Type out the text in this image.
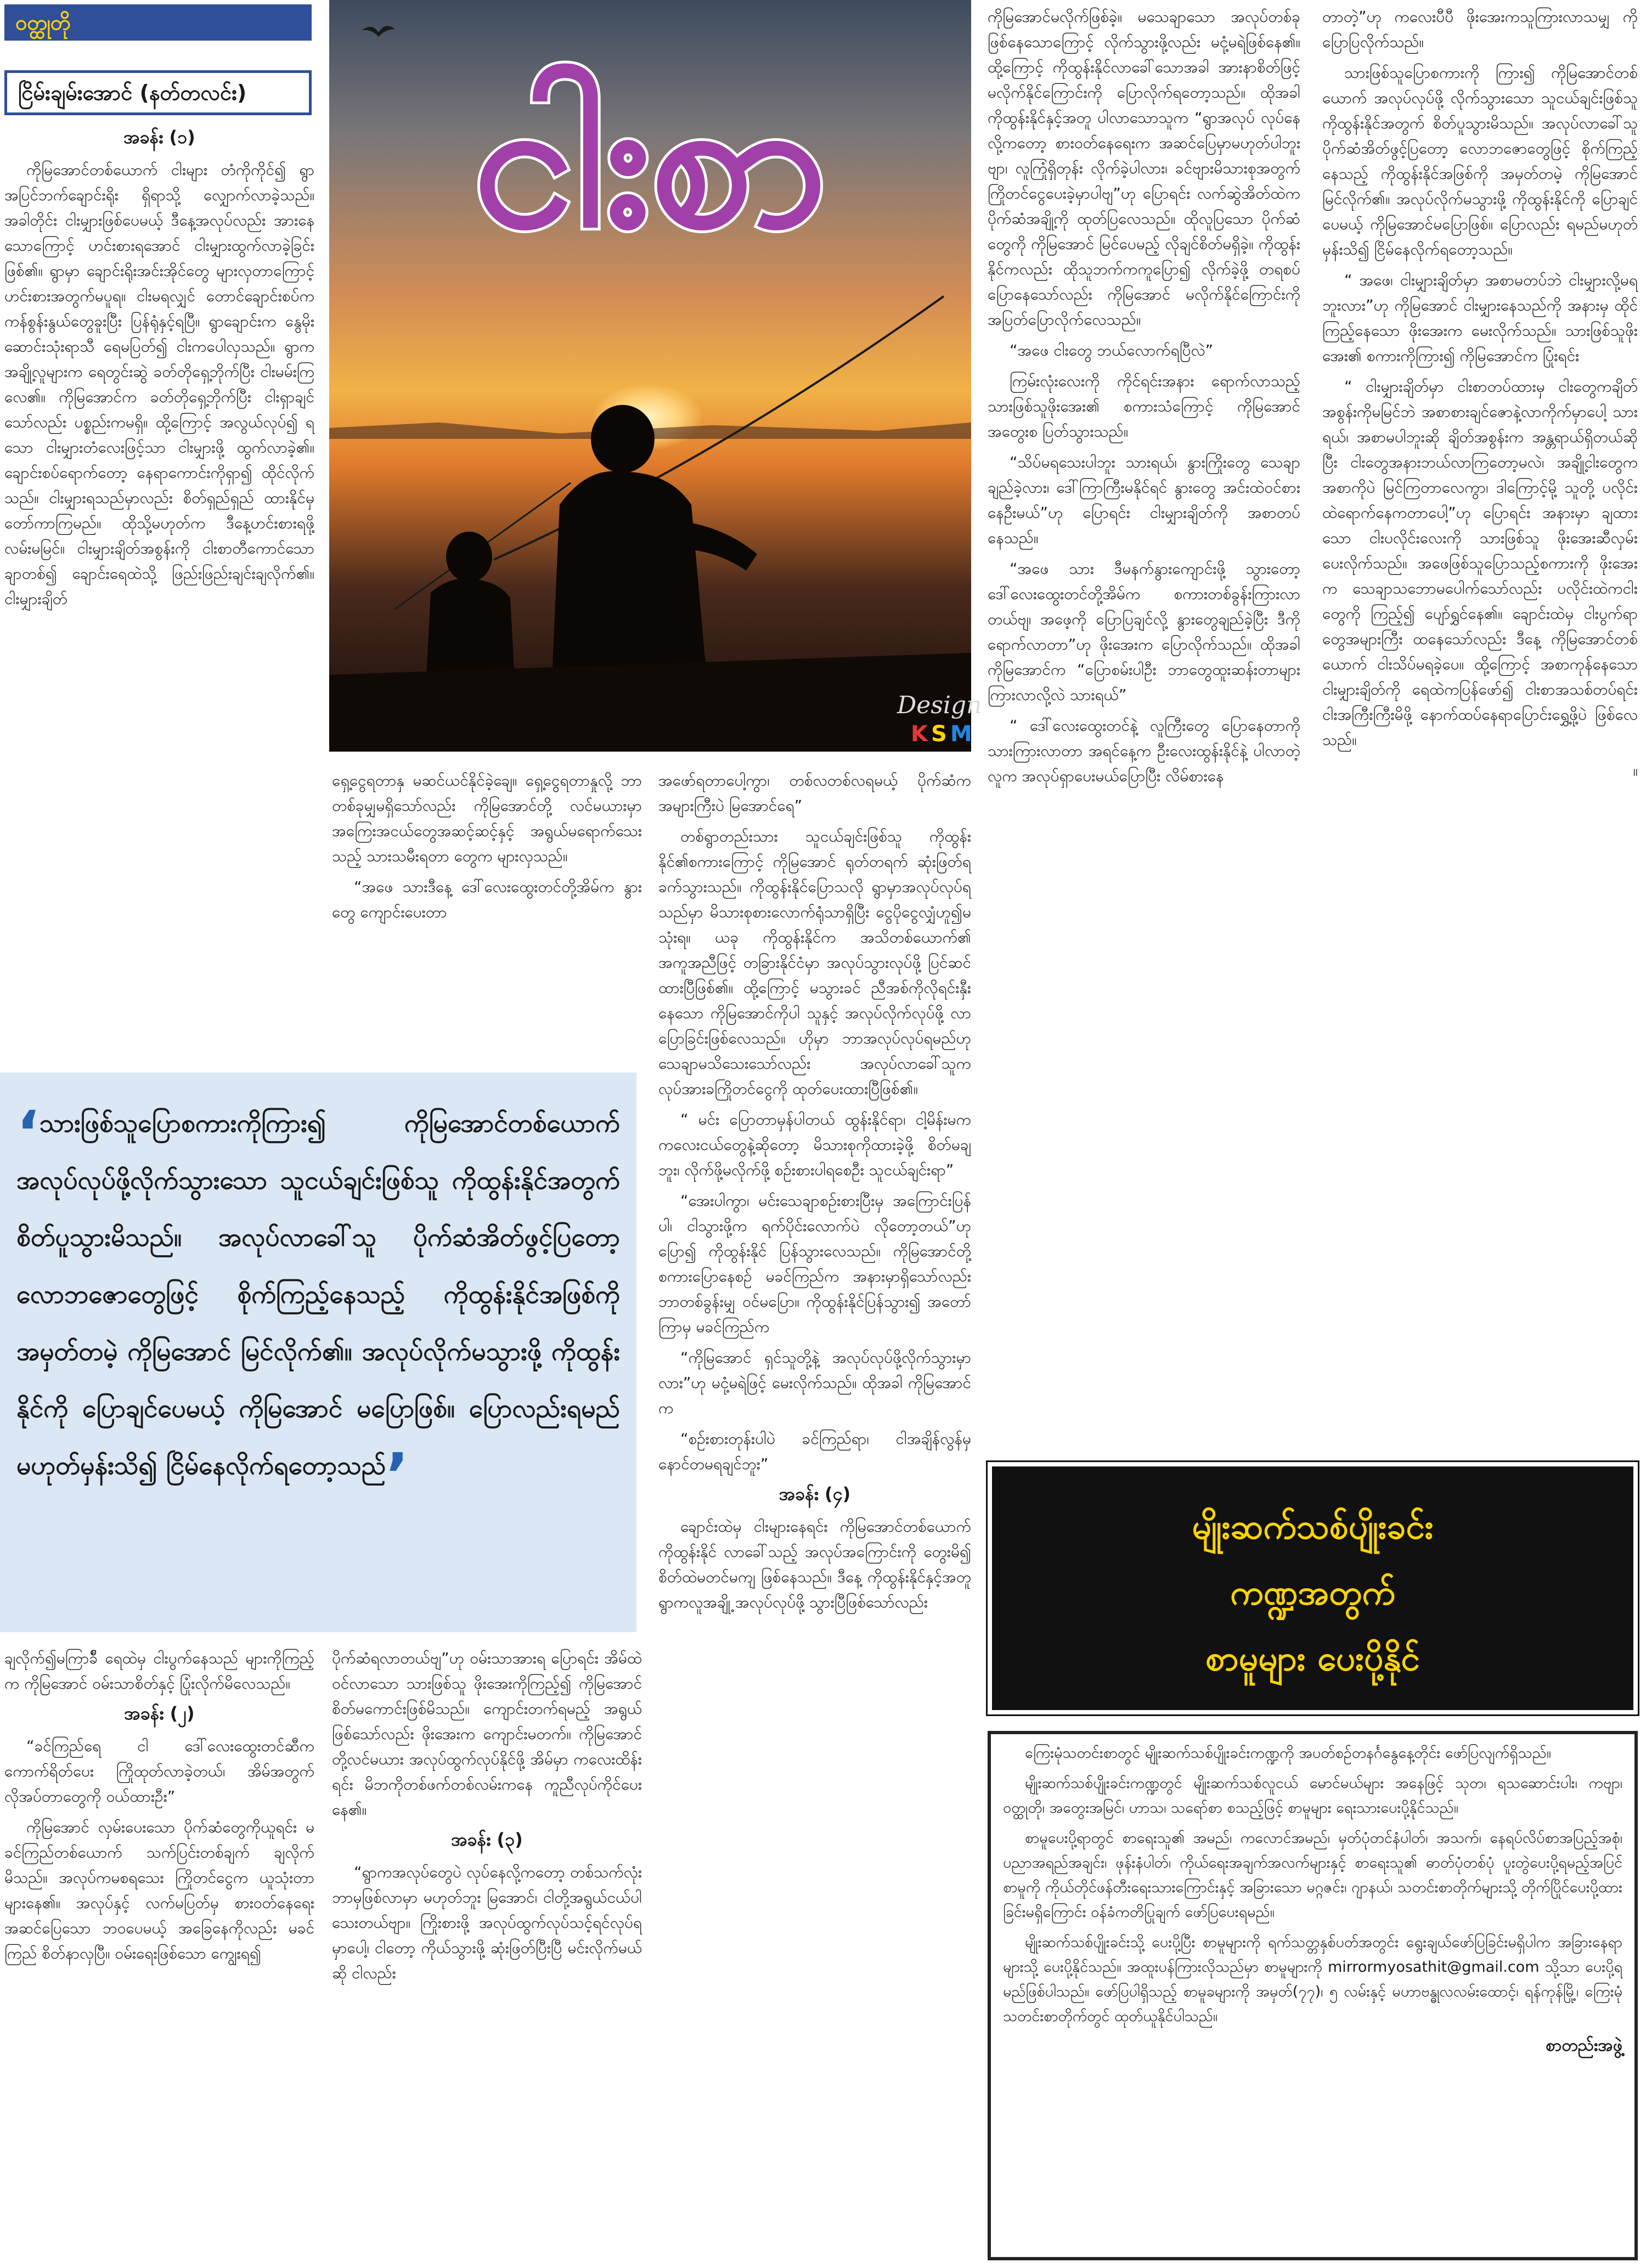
ဝတ္ထုတို
ငြိမ်းချမ်းအောင် (နတ်တလင်း)
အခန်း (၁)

ကိုမြအောင်တစ်ယောက် ငါးများ တံကိုကိုင်၍ ရွာအပြင်ဘက်ချောင်းရိုး ရှိရာသို့ လျှောက်လာခဲ့သည်။ အခါတိုင်း ငါးမျှားဖြစ်ပေမယ့် ဒီနေ့အလုပ်လည်း အားနေသောကြောင့် ဟင်းစားရအောင် ငါးမျှားထွက်လာခဲ့ခြင်းဖြစ်၏။ ရွာမှာ ချောင်းရိုးအင်းအိုင်တွေ များလှတာကြောင့် ဟင်းစားအတွက်မပူရ။ ငါးမရလျှင် တောင်ချောင်းစပ်က ကန်စွန်းနွယ်တွေခူးပြီး ပြန်ရုံနှင့်ရပြီ။ ရွာချောင်းက နွေမိုးဆောင်းသုံးရာသီ ရေမပြတ်၍ ငါးကပေါလှသည်။ ရွာကအချို့လူများက ရေတွင်းဆွဲ ခတ်တိုရှေ့ဘိုက်ပြီး ငါးမမ်းကြလေ၏။ ကိုမြအောင်က ခတ်တိုရှေ့ဘိုက်ပြီး ငါးရှာချင်သော်လည်း ပစ္စည်းကမရှိ။ ထို့ကြောင့် အလွယ်လုပ်၍ ရသော ငါးမျှားတံလေးဖြင့်သာ ငါးမျှားဖို့ ထွက်လာခဲ့၏။ ချောင်းစပ်ရောက်တော့ နေရာကောင်းကိုရှာ၍ ထိုင်လိုက်သည်။ ငါးမျှားရသည်မှာလည်း စိတ်ရှည်ရှည် ထားနိုင်မှ တော်ကာကြမည်။ ထိုသို့မဟုတ်က ဒီနေ့ဟင်းစားရဖို့ လမ်းမမြင်။ ငါးမျှားချိတ်အစွန်းကို ငါးစာတီကောင်သော ချာတစ်၍ ချောင်းရေထဲသို့ ဖြည်းဖြည်းချင်းချလိုက်၏။ ငါးမျှားချိတ်

ငါးစာ
Design
KSM

ရှေ့ငွေရတာနှ မဆင်ယင်နိုင်ခဲ့ချေ။ ရှေ့ငွေရတာနှုလို့ ဘာတစ်ခုမျှမရှိသော်လည်း ကိုမြအောင်တို့ လင်မယားမှာ အကြေးအငယ်တွေအဆင့်ဆင့်နှင့် အရွယ်မရောက်သေးသည့် သားသမီးရတာ တွေက များလှသည်။

“အဖေ သားဒီနေ့ ဒေါ်လေးထွေးတင်တို့အိမ်က နွားတွေ ကျောင်းပေးတာ

အဖော်ရတာပေါ့ကွာ၊ တစ်လတစ်လရမယ့် ပိုက်ဆံက အများကြီးပဲ မြအောင်ရေ”

တစ်ရွာတည်းသား သူငယ်ချင်းဖြစ်သူ ကိုထွန်းနိုင်၏စကားကြောင့် ကိုမြအောင် ရုတ်တရက် ဆုံးဖြတ်ရခက်သွားသည်။ ကိုထွန်းနိုင်ပြောသလို ရွာမှာအလုပ်လုပ်ရသည်မှာ မိသားစုစားလောက်ရုံသာရှိပြီး ငွေပိုငွေလျှံဟူ၍မသုံးရ။ ယခု ကိုထွန်းနိုင်က အသိတစ်ယောက်၏ အကူအညီဖြင့် တခြားနိုင်ငံမှာ အလုပ်သွားလုပ်ဖို့ ပြင်ဆင်ထားပြီဖြစ်၏။ ထို့ကြောင့် မသွားခင် ညီအစ်ကိုလိုရင်းနှီးနေသော ကိုမြအောင်ကိုပါ သူနှင့် အလုပ်လိုက်လုပ်ဖို့ လာပြောခြင်းဖြစ်လေသည်။ ဟိုမှာ ဘာအလုပ်လုပ်ရမည်ဟု သေချာမသိသေးသော်လည်း အလုပ်လာခေါ်သူက လုပ်အားခကြိုတင်ငွေကို ထုတ်ပေးထားပြီဖြစ်၏။

“ မင်း ပြောတာမှန်ပါတယ် ထွန်းနိုင်ရာ၊ ငါ့မိန်းမက ကလေးငယ်တွေနဲ့ဆိုတော့ မိသားစုကိုထားခဲ့ဖို့ စိတ်မချဘူး၊ လိုက်ဖို့မလိုက်ဖို့ စဉ်းစားပါရစေဦး သူငယ်ချင်းရာ”

“အေးပါကွာ၊ မင်းသေချာစဉ်းစားပြီးမှ အကြောင်းပြန်ပါ၊ ငါသွားဖို့က ရက်ပိုင်းလောက်ပဲ လိုတော့တယ်”ဟု ပြော၍ ကိုထွန်းနိုင် ပြန်သွားလေသည်။ ကိုမြအောင်တို့စကားပြောနေစဉ် မခင်ကြည်က အနားမှာရှိသော်လည်း ဘာတစ်ခွန်းမျှ ဝင်မပြော။ ကိုထွန်းနိုင်ပြန်သွား၍ အတော်ကြာမှ မခင်ကြည်က

“ကိုမြအောင် ရှင်သူတို့နဲ့ အလုပ်လုပ်ဖို့လိုက်သွားမှာလား”ဟု မငုံ့မရဲဖြင့် မေးလိုက်သည်။ ထိုအခါ ကိုမြအောင်က

“စဉ်းစားတုန်းပါပဲ ခင်ကြည်ရာ၊ ငါအချိန်လွန်မှ နောင်တမရချင်ဘူး”

အခန်း (၄)

ချောင်းထဲမှ ငါးများနေရင်း ကိုမြအောင်တစ်ယောက် ကိုထွန်းနိုင် လာခေါ်သည့် အလုပ်အကြောင်းကို တွေးမိ၍ စိတ်ထဲမတင်မကျ ဖြစ်နေသည်။ ဒီနေ့ ကိုထွန်းနိုင်နှင့်အတူ ရွာကလူအချို့ အလုပ်လုပ်ဖို့ သွားပြီဖြစ်သော်လည်း

ကိုမြအောင်မလိုက်ဖြစ်ခဲ့။ မသေချာသော အလုပ်တစ်ခု ဖြစ်နေသောကြောင့် လိုက်သွားဖို့လည်း မငုံ့မရဲဖြစ်နေ၏။ ထို့ကြောင့် ကိုထွန်းနိုင်လာခေါ်သောအခါ အားနာစိတ်ဖြင့် မလိုက်နိုင်ကြောင်းကို ပြောလိုက်ရတော့သည်။ ထိုအခါ ကိုထွန်းနိုင်နှင့်အတူ ပါလာသောသူက “ရွာအလုပ် လုပ်နေလို့ကတော့ စားဝတ်နေရေးက အဆင်ပြေမှာမဟုတ်ပါဘူးဗျာ၊ လူကြုံရှိတုန်း လိုက်ခဲ့ပါလား၊ ခင်ဗျားမိသားစုအတွက် ကြိုတင်ငွေပေးခဲ့မှာပါဗျ”ဟု ပြောရင်း လက်ဆွဲအိတ်ထဲက ပိုက်ဆံအချို့ကို ထုတ်ပြလေသည်။ ထိုလူပြသော ပိုက်ဆံတွေကို ကိုမြအောင် မြင်ပေမည့် လိုချင်စိတ်မရှိခဲ့။ ကိုထွန်းနိုင်ကလည်း ထိုသူဘက်ကကူပြော၍ လိုက်ခဲ့ဖို့ တရစပ်ပြောနေသော်လည်း ကိုမြအောင် မလိုက်နိုင်ကြောင်းကို အပြတ်ပြောလိုက်လေသည်။

“အဖေ ငါးတွေ ဘယ်လောက်ရပြီလဲ”

ကြမ်းလုံးလေးကို ကိုင်ရင်းအနား ရောက်လာသည့် သားဖြစ်သူဖိုးအေး၏ စကားသံကြောင့် ကိုမြအောင် အတွေးစ ပြတ်သွားသည်။

“သိပ်မရသေးပါဘူး သားရယ်၊ နွားကြိုးတွေ သေချာချည်ခဲ့လား၊ ဒေါ်ကြာကြီးမနိုင်ရင် နွားတွေ အင်းထဲဝင်စားနေဦးမယ်”ဟု ပြောရင်း ငါးမျှားချိတ်ကို အစာတပ်နေသည်။

“အဖေ သား ဒီမနက်နွားကျောင်းဖို့ သွားတော့ ဒေါ်လေးထွေးတင်တို့အိမ်က စကားတစ်ခွန်းကြားလာတယ်ဗျ၊ အဖေ့ကို ပြောပြချင်လို့ နွားတွေချည်ခဲ့ပြီး ဒီကို ရောက်လာတာ”ဟု ဖိုးအေးက ပြောလိုက်သည်။ ထိုအခါ ကိုမြအောင်က “ပြောစမ်းပါဦး ဘာတွေထူးဆန်းတာများကြားလာလို့လဲ သားရယ်”

“ ဒေါ်လေးထွေးတင်နဲ့ လူကြီးတွေ ပြောနေတာကို သားကြားလာတာ အရင်နေ့က ဦးလေးထွန်းနိုင်နဲ့ ပါလာတဲ့လူက အလုပ်ရှာပေးမယ်ပြောပြီး လိမ်စားနေ

တာတဲ့”ဟု ကလေးပီပီ ဖိုးအေးကသူကြားလာသမျှ ကို ပြောပြလိုက်သည်။

သားဖြစ်သူပြောစကားကို ကြား၍ ကိုမြအောင်တစ်ယောက် အလုပ်လုပ်ဖို့ လိုက်သွားသော သူငယ်ချင်းဖြစ်သူ ကိုထွန်းနိုင်အတွက် စိတ်ပူသွားမိသည်။ အလုပ်လာခေါ်သူ ပိုက်ဆံအိတ်ဖွင့်ပြတော့ လောဘဇောတွေဖြင့် စိုက်ကြည့်နေသည့် ကိုထွန်းနိုင်အဖြစ်ကို အမှတ်တမဲ့ ကိုမြအောင် မြင်လိုက်၏။ အလုပ်လိုက်မသွားဖို့ ကိုထွန်းနိုင်ကို ပြောချင်ပေမယ့် ကိုမြအောင်မပြောဖြစ်။ ပြောလည်း ရမည်မဟုတ်မှန်းသိ၍ ငြိမ်နေလိုက်ရတော့သည်။

“ အဖေ၊ ငါးမျှားချိတ်မှာ အစာမတပ်ဘဲ ငါးမျှားလို့မရဘူးလား”ဟု ကိုမြအောင် ငါးမျှားနေသည်ကို အနားမှ ထိုင်ကြည့်နေသော ဖိုးအေးက မေးလိုက်သည်။ သားဖြစ်သူဖိုးအေး၏ စကားကိုကြား၍ ကိုမြအောင်က ပြုံးရင်း

“ ငါးမျှားချိတ်မှာ ငါးစာတပ်ထားမှ ငါးတွေကချိတ်အစွန်းကိုမမြင်ဘဲ အစာစားချင်ဇောနဲ့လာကိုက်မှာပေါ့ သားရယ်၊ အစာမပါဘူးဆို ချိတ်အစွန်းက အန္တရာယ်ရှိတယ်ဆိုပြီး ငါးတွေအနားဘယ်လာကြတော့မလဲ၊ အချို့ငါးတွေက အစာကိုပဲ မြင်ကြတာလေကွာ၊ ဒါကြောင့်မို့ သူတို့ ပလိုင်းထဲရောက်နေကတာပေါ့”ဟု ပြောရင်း အနားမှာ ချထားသော ငါးပလိုင်းလေးကို သားဖြစ်သူ ဖိုးအေးဆီလှမ်းပေးလိုက်သည်။ အဖေဖြစ်သူပြောသည့်စကားကို ဖိုးအေးက သေချာသဘောမပေါက်သော်လည်း ပလိုင်းထဲကငါးတွေကို ကြည့်၍ ပျော်ရွှင်နေ၏။ ချောင်းထဲမှ ငါးပွက်ရာတွေအများကြီး ထနေသော်လည်း ဒီနေ့ ကိုမြအောင်တစ်ယောက် ငါးသိပ်မရခဲ့ပေ။ ထို့ကြောင့် အစာကုန်နေသော ငါးမျှားချိတ်ကို ရေထဲကပြန်ဖော်၍ ငါးစာအသစ်တပ်ရင်း ငါးအကြီးကြီးမိဖို့ နောက်ထပ်နေရာပြောင်းရွှေ့ဖို့ပဲ ဖြစ်လေသည်။

။

‘သားဖြစ်သူပြောစကားကိုကြား၍ ကိုမြအောင်တစ်ယောက် အလုပ်လုပ်ဖို့လိုက်သွားသော သူငယ်ချင်းဖြစ်သူ ကိုထွန်းနိုင်အတွက် စိတ်ပူသွားမိသည်။ အလုပ်လာခေါ်သူ ပိုက်ဆံအိတ်ဖွင့်ပြတော့ လောဘဇောတွေဖြင့် စိုက်ကြည့်နေသည့် ကိုထွန်းနိုင်အဖြစ်ကို အမှတ်တမဲ့ ကိုမြအောင် မြင်လိုက်၏။ အလုပ်လိုက်မသွားဖို့ ကိုထွန်းနိုင်ကို ပြောချင်ပေမယ့် ကိုမြအောင် မပြောဖြစ်။ ပြောလည်းရမည်မဟုတ်မှန်းသိ၍ ငြိမ်နေလိုက်ရတော့သည်’

ချလိုက်၍မကြာခ်ီ ရေထဲမှ ငါးပွက်နေသည် များကိုကြည့်က ကိုမြအောင် ဝမ်းသာစိတ်နှင့် ပြုံးလိုက်မိလေသည်။

အခန်း (၂)

“ခင်ကြည်ရေ ငါ ဒေါ်လေးထွေးတင်ဆီက ကောက်ရိတ်ပေး ကြိုထုတ်လာခဲ့တယ်၊ အိမ်အတွက် လိုအပ်တာတွေကို ဝယ်ထားဦး”

ကိုမြအောင် လှမ်းပေးသော ပိုက်ဆံတွေကိုယူရင်း မခင်ကြည်တစ်ယောက် သက်ပြင်းတစ်ချက် ချလိုက်မိသည်။ အလုပ်ကမစရသေး ကြိုတင်ငွေက ယူသုံးတာများနေ၏။ အလုပ်နှင့် လက်မပြတ်မှ စားဝတ်နေရေးအဆင်ပြေသော ဘဝပေမယ့် အခြေနေကိုလည်း မခင်ကြည် စိတ်နာလှပြီ။ ဝမ်းရေးဖြစ်သော ကျွေးရ၍

ပိုက်ဆံရလာတယ်ဗျ”ဟု ဝမ်းသာအားရ ပြောရင်း အိမ်ထဲဝင်လာသော သားဖြစ်သူ ဖိုးအေးကိုကြည့်၍ ကိုမြအောင် စိတ်မကောင်းဖြစ်မိသည်။ ကျောင်းတက်ရမည့် အရွယ်ဖြစ်သော်လည်း ဖိုးအေးက ကျောင်းမတက်။ ကိုမြအောင်တို့လင်မယား အလုပ်ထွက်လုပ်နိုင်ဖို့ အိမ်မှာ ကလေးထိန်းရင်း မိဘကိုတစ်ဖက်တစ်လမ်းကနေ ကူညီလုပ်ကိုင်ပေးနေ၏။

အခန်း (၃)

“ရွာကအလုပ်တွေပဲ လုပ်နေလို့ကတော့ တစ်သက်လုံးဘာမှဖြစ်လာမှာ မဟုတ်ဘူး မြအောင်၊ ငါတို့အရွယ်ငယ်ပါ သေးတယ်ဗျာ။ ကြိုးစားဖို့ အလုပ်ထွက်လုပ်သင့်ရင်လုပ်ရမှာပေါ့၊ ငါတော့ ကိုယ်သွားဖို့ ဆုံးဖြတ်ပြီးပြီ မင်းလိုက်မယ်ဆို ငါလည်း

မျိုးဆက်သစ်ပျိုးခင်း
ကဏ္ဍအတွက်
စာမူများ ပေးပို့နိုင်

ကြေးမုံသတင်းစာတွင် မျိုးဆက်သစ်ပျိုးခင်းကဏ္ဍကို အပတ်စဉ်တနင်္ဂနွေနေ့တိုင်း ဖော်ပြလျက်ရှိသည်။

မျိုးဆက်သစ်ပျိုးခင်းကဏ္ဍတွင် မျိုးဆက်သစ်လူငယ် မောင်မယ်များ အနေဖြင့် သုတ၊ ရသဆောင်းပါး၊ ကဗျာ၊ ဝတ္ထုတို၊ အတွေးအမြင်၊ ဟာသ၊ သရော်စာ စသည့်ဖြင့် စာမူများ ရေးသားပေးပို့နိုင်သည်။

စာမူပေးပို့ရာတွင် စာရေးသူ၏ အမည်၊ ကလောင်အမည်၊ မှတ်ပုံတင်နံပါတ်၊ အသက်၊ နေရပ်လိပ်စာအပြည့်အစုံ၊ ပညာအရည်အချင်း၊ ဖုန်းနံပါတ်၊ ကိုယ်ရေးအချက်အလက်များနှင့် စာရေးသူ၏ ဓာတ်ပုံတစ်ပုံ ပူးတွဲပေးပို့ရမည့်အပြင် စာမူကို ကိုယ်တိုင်ဖန်တီးရေးသားကြောင်းနှင့် အခြားသော မဂ္ဂဇင်း၊ ဂျာနယ်၊ သတင်းစာတိုက်များသို့ တိုက်ပြိုင်ပေးပို့ထားခြင်းမရှိကြောင်း ဝန်ခံကတိပြုချက် ဖော်ပြပေးရမည်။

မျိုးဆက်သစ်ပျိုးခင်းသို့ ပေးပို့ပြီး စာမူများကို ရက်သတ္တနှစ်ပတ်အတွင်း ရွေးချယ်ဖော်ပြခြင်းမရှိပါက အခြားနေရာများသို့ ပေးပို့နိုင်သည်။ အထူးပန်ကြားလိုသည်မှာ စာမူများကို mirrormyosathit@gmail.com သို့သာ ပေးပို့ရမည်ဖြစ်ပါသည်။ ဖော်ပြပါရှိသည့် စာမူခများကို အမှတ်(၇၇)၊ ၅ လမ်းနှင့် မဟာဗန္ဓုလလမ်းထောင့်၊ ရန်ကုန်မြို့၊ ကြေးမုံသတင်းစာတိုက်တွင် ထုတ်ယူနိုင်ပါသည်။

စာတည်းအဖွဲ့
